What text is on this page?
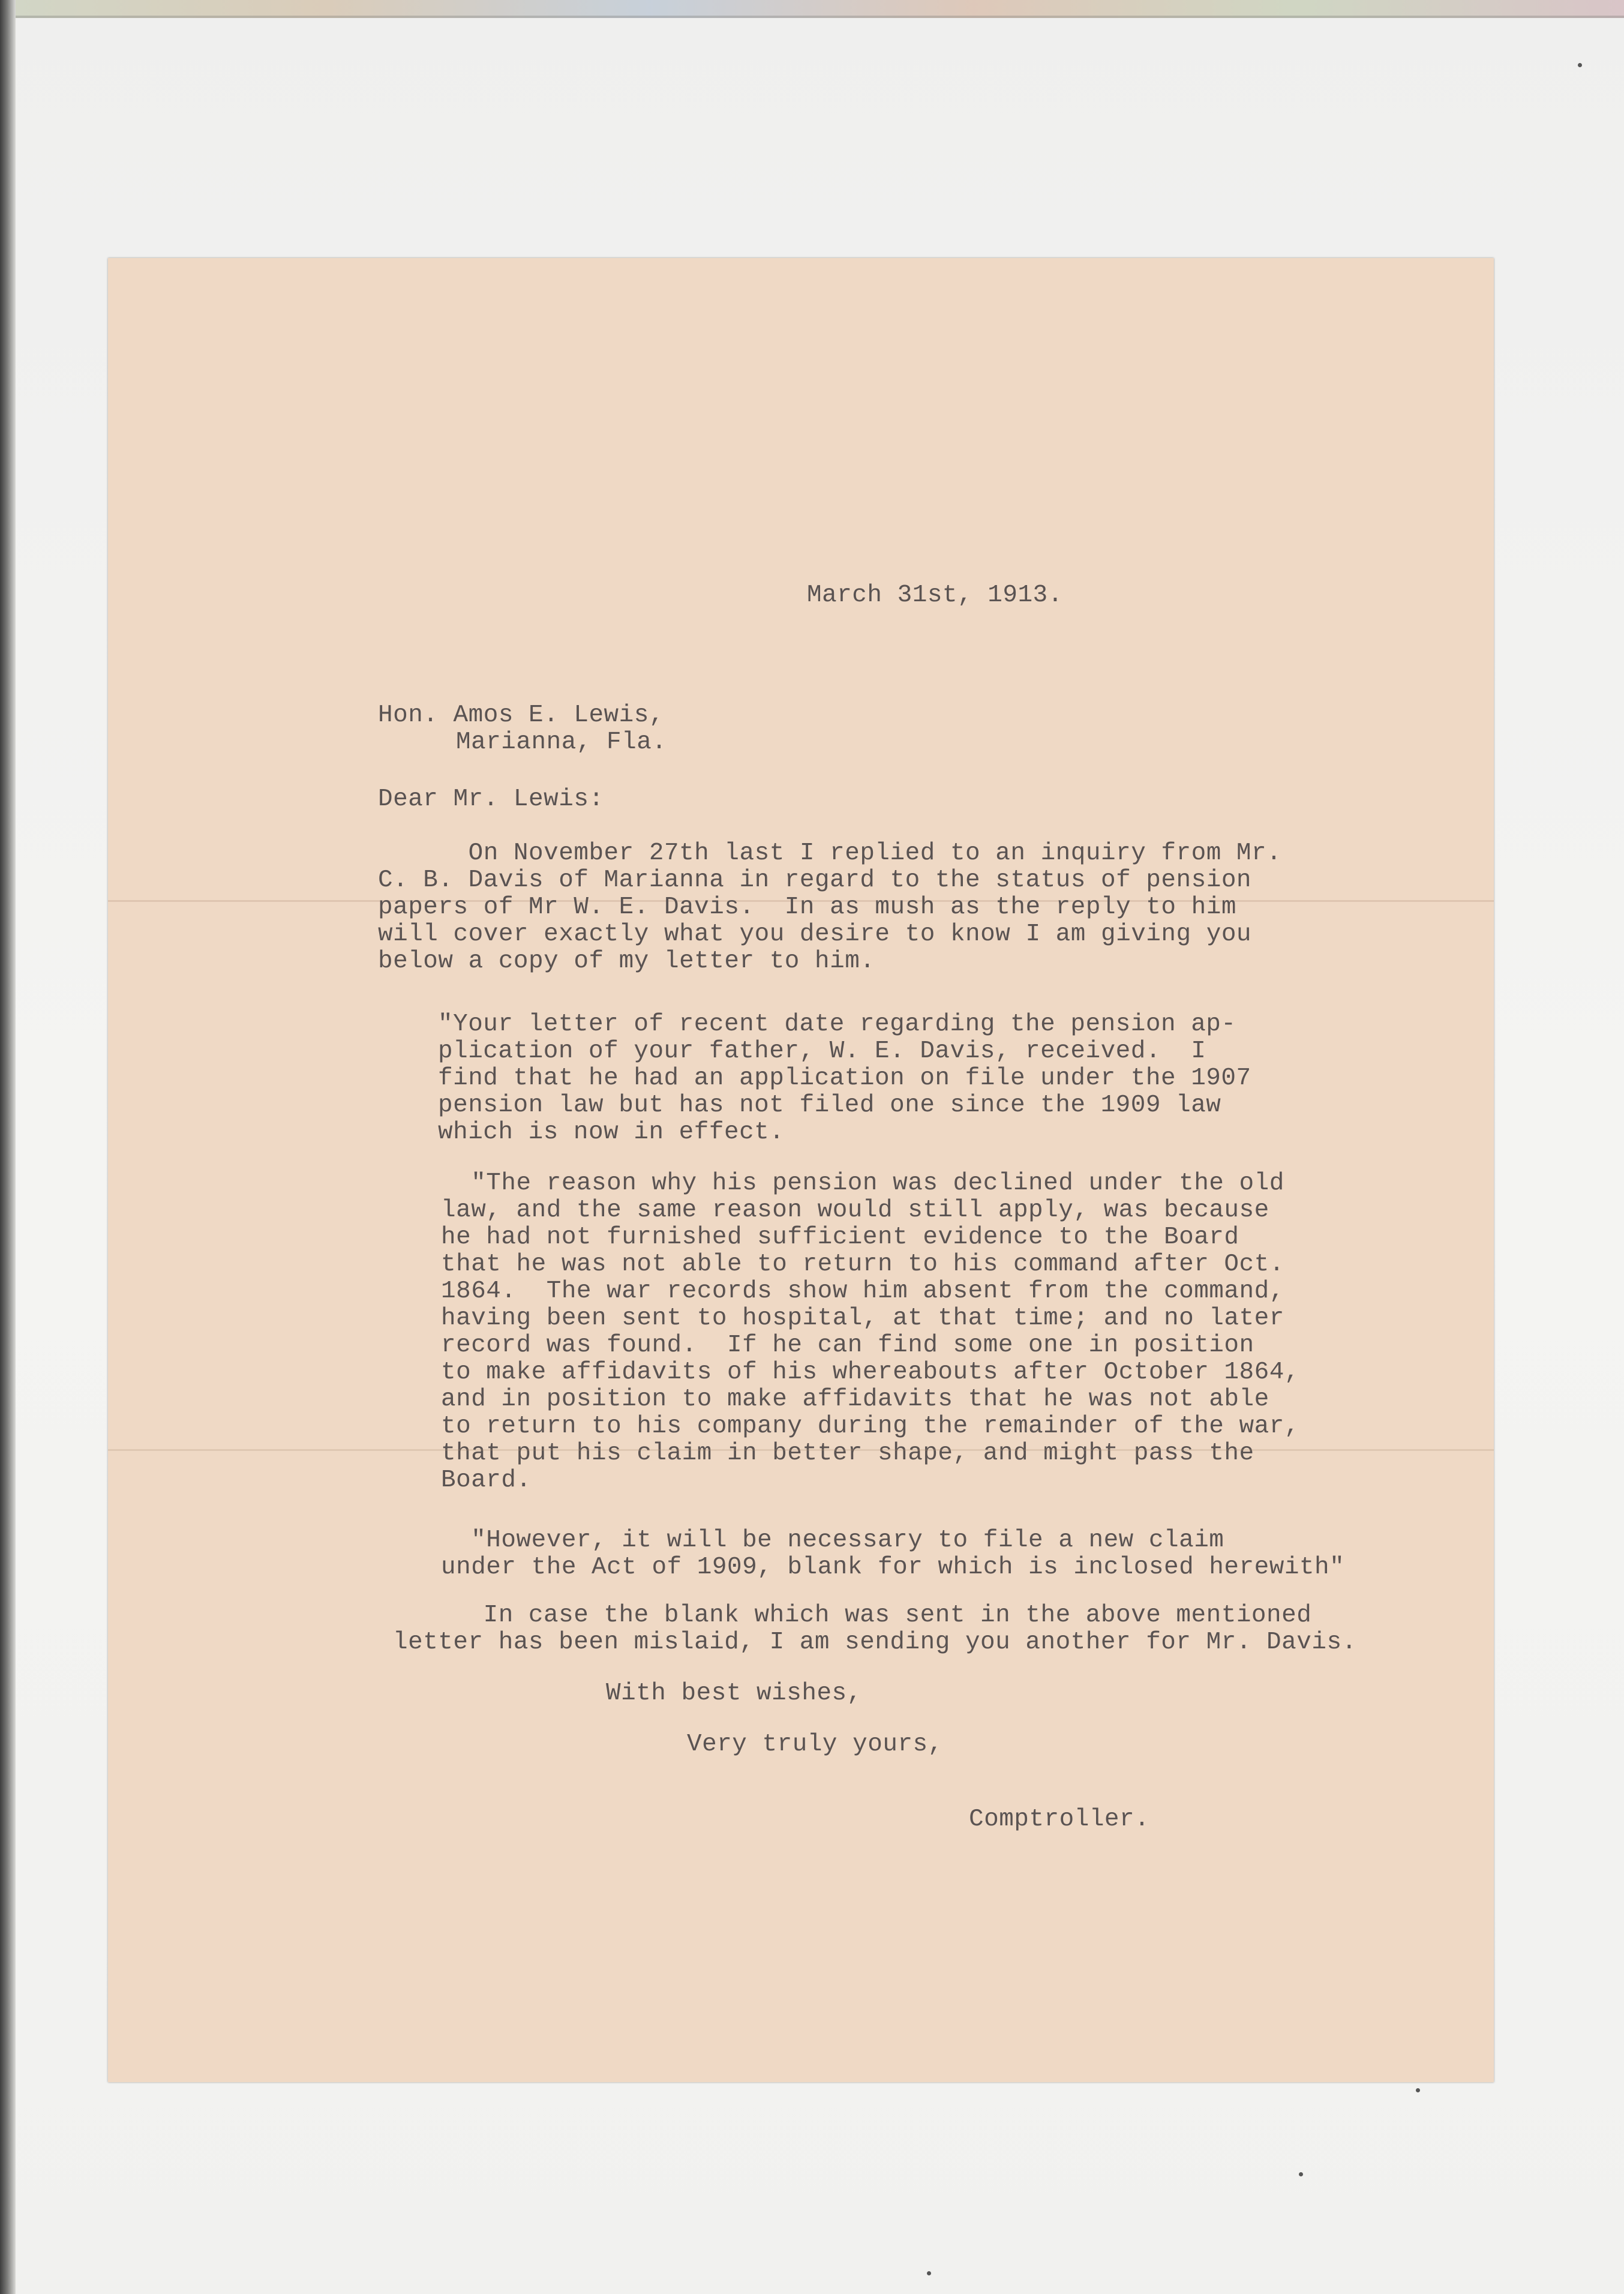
March 31st, 1913.
Hon. Amos E. Lewis,
Marianna, Fla.
Dear Mr. Lewis:
On November 27th last I replied to an inquiry from Mr.
C. B. Davis of Marianna in regard to the status of pension
papers of Mr W. E. Davis.  In as mush as the reply to him
will cover exactly what you desire to know I am giving you
below a copy of my letter to him.
"Your letter of recent date regarding the pension ap-
plication of your father, W. E. Davis, received.  I
find that he had an application on file under the 1907
pension law but has not filed one since the 1909 law
which is now in effect.
"The reason why his pension was declined under the old
law, and the same reason would still apply, was because
he had not furnished sufficient evidence to the Board
that he was not able to return to his command after Oct.
1864.  The war records show him absent from the command,
having been sent to hospital, at that time; and no later
record was found.  If he can find some one in position
to make affidavits of his whereabouts after October 1864,
and in position to make affidavits that he was not able
to return to his company during the remainder of the war,
that put his claim in better shape, and might pass the
Board.
"However, it will be necessary to file a new claim
under the Act of 1909, blank for which is inclosed herewith"
In case the blank which was sent in the above mentioned
letter has been mislaid, I am sending you another for Mr. Davis.
With best wishes,
Very truly yours,
Comptroller.
